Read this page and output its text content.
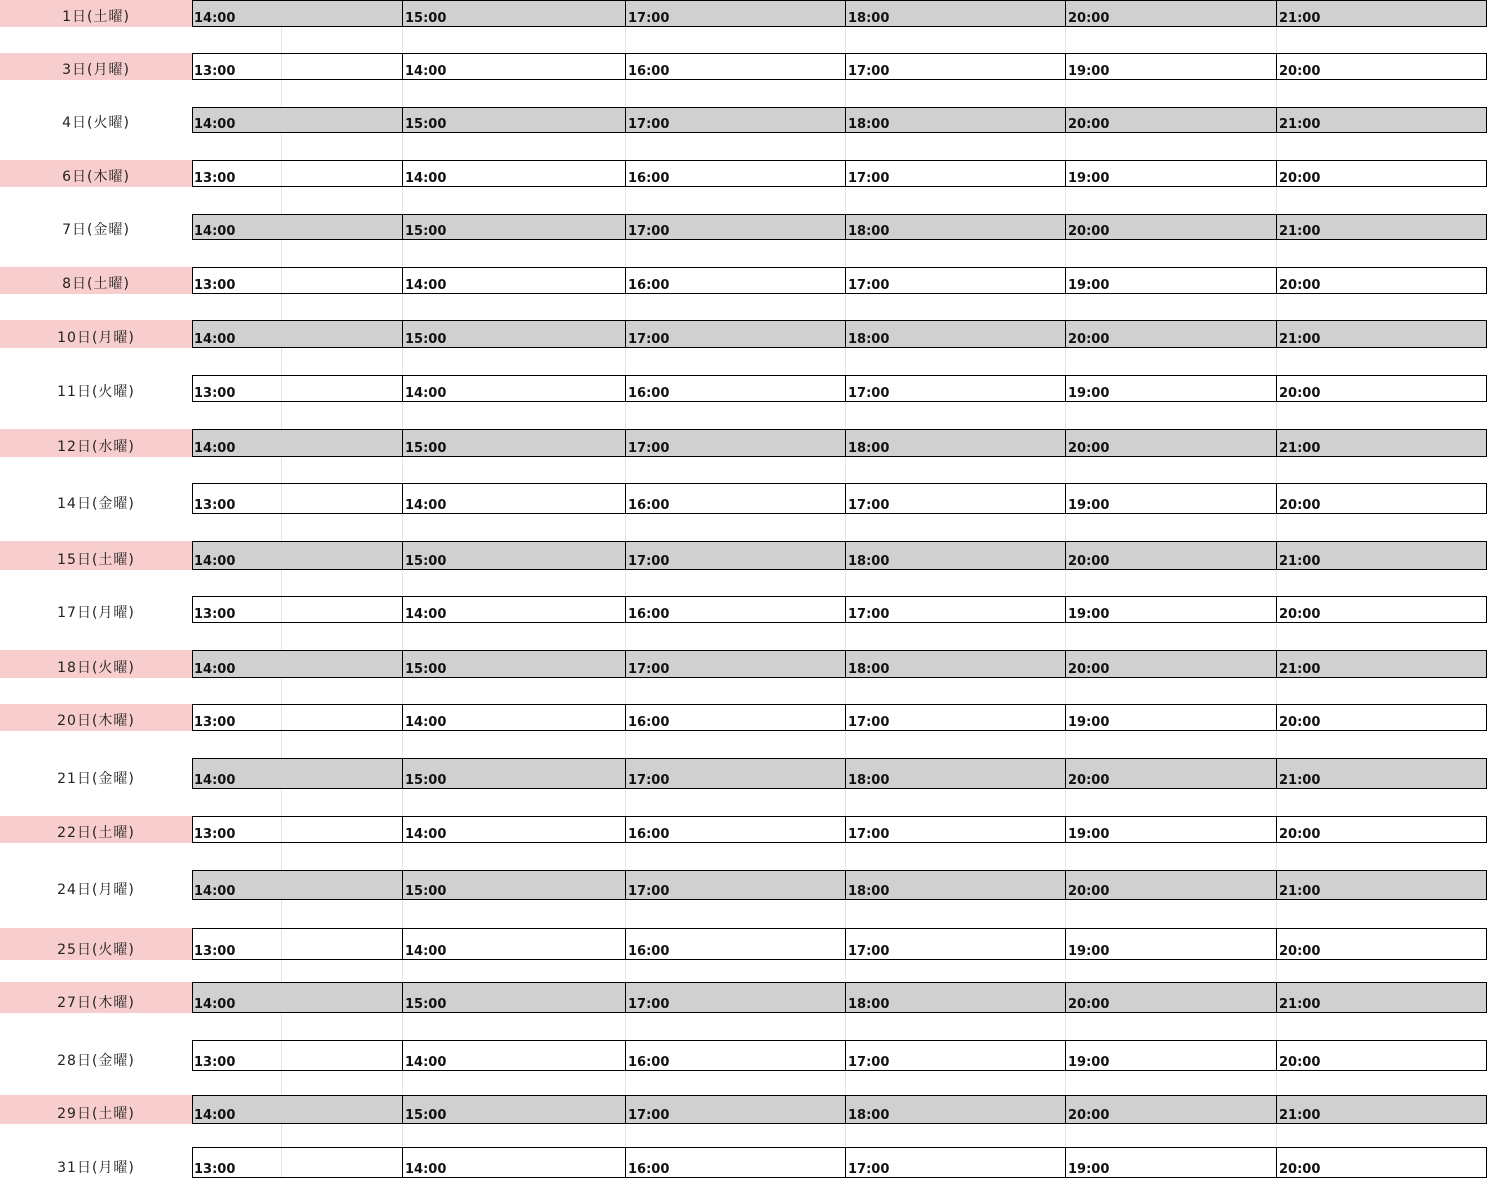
1日(土曜)	14:00	15:00	17:00	18:00	20:00	21:00
3日(月曜)	13:00	14:00	16:00	17:00	19:00	20:00
4日(火曜)	14:00	15:00	17:00	18:00	20:00	21:00
6日(木曜)	13:00	14:00	16:00	17:00	19:00	20:00
7日(金曜)	14:00	15:00	17:00	18:00	20:00	21:00
8日(土曜)	13:00	14:00	16:00	17:00	19:00	20:00
10日(月曜)	14:00	15:00	17:00	18:00	20:00	21:00
11日(火曜)	13:00	14:00	16:00	17:00	19:00	20:00
12日(水曜)	14:00	15:00	17:00	18:00	20:00	21:00
14日(金曜)	13:00	14:00	16:00	17:00	19:00	20:00
15日(土曜)	14:00	15:00	17:00	18:00	20:00	21:00
17日(月曜)	13:00	14:00	16:00	17:00	19:00	20:00
18日(火曜)	14:00	15:00	17:00	18:00	20:00	21:00
20日(木曜)	13:00	14:00	16:00	17:00	19:00	20:00
21日(金曜)	14:00	15:00	17:00	18:00	20:00	21:00
22日(土曜)	13:00	14:00	16:00	17:00	19:00	20:00
24日(月曜)	14:00	15:00	17:00	18:00	20:00	21:00
25日(火曜)	13:00	14:00	16:00	17:00	19:00	20:00
27日(木曜)	14:00	15:00	17:00	18:00	20:00	21:00
28日(金曜)	13:00	14:00	16:00	17:00	19:00	20:00
29日(土曜)	14:00	15:00	17:00	18:00	20:00	21:00
31日(月曜)	13:00	14:00	16:00	17:00	19:00	20:00
